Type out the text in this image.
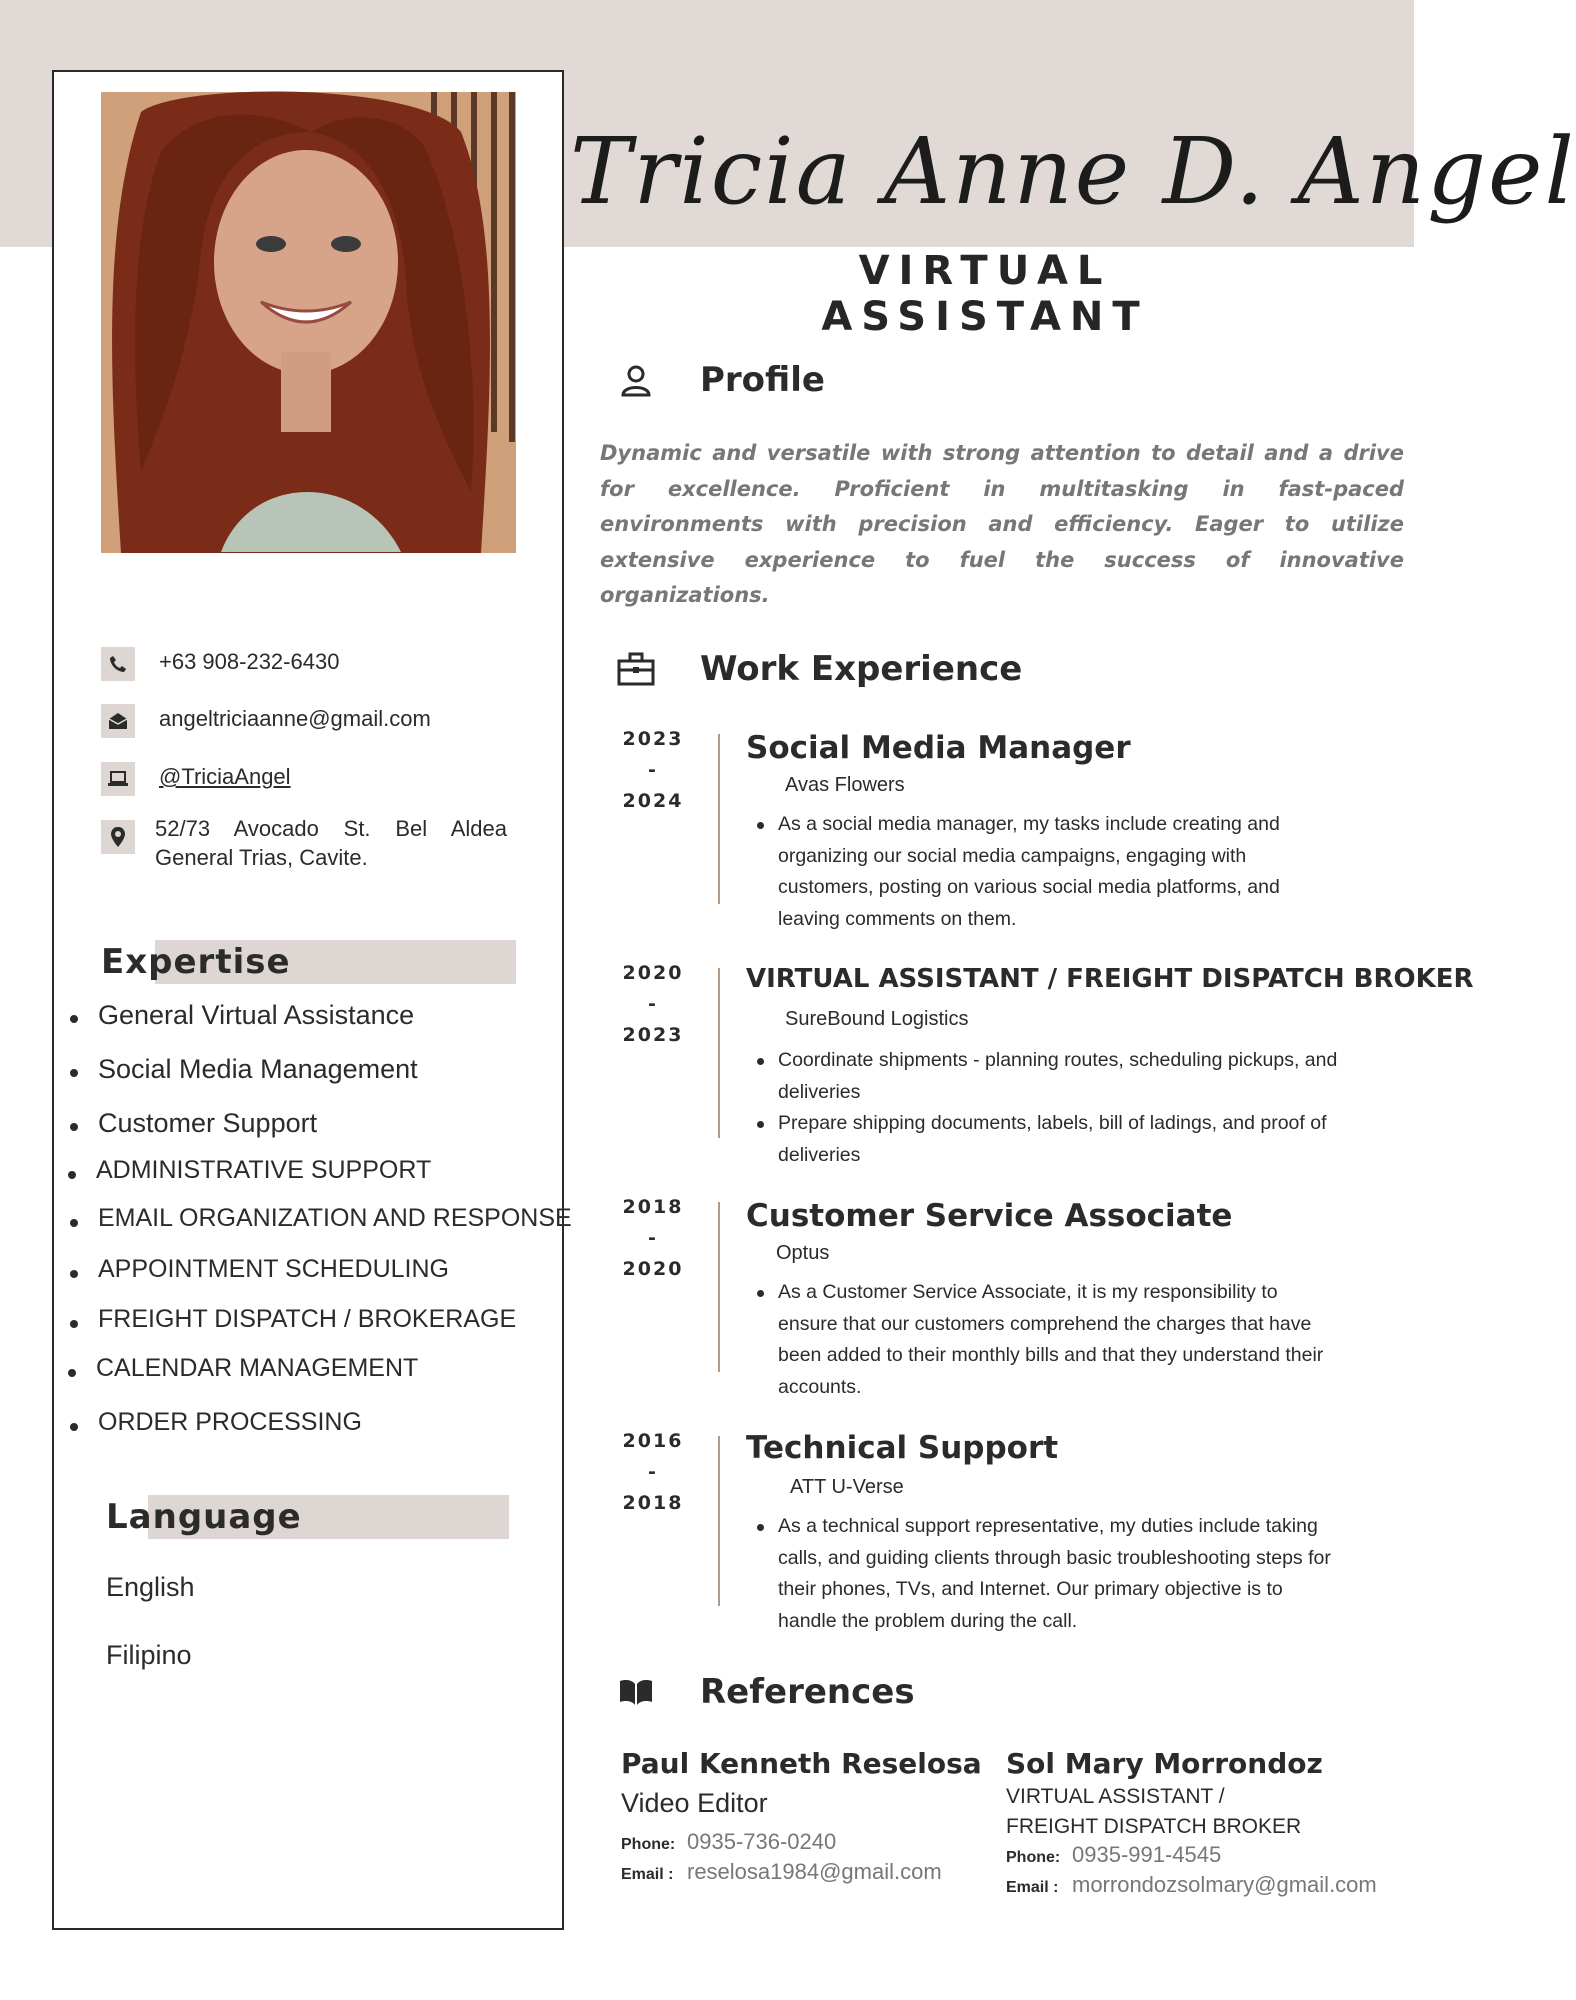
Tricia Anne D. Angel
VIRTUAL ASSISTANT
Profile
Dynamic and versatile with strong attention to detail and a drive for excellence. Proficient in multitasking in fast-paced environments with precision and efficiency. Eager to utilize extensive experience to fuel the success of innovative organizations.
+63 908-232-6430
angeltriciaanne@gmail.com
@TriciaAngel
52/73 Avocado St. Bel Aldea General Trias, Cavite.
Expertise
General Virtual Assistance
Social Media Management
Customer Support
ADMINISTRATIVE SUPPORT
EMAIL ORGANIZATION AND RESPONSE
APPOINTMENT SCHEDULING
FREIGHT DISPATCH / BROKERAGE
CALENDAR MANAGEMENT
ORDER PROCESSING
Language
English
Filipino
Work Experience
2023
-
2024
Social Media Manager
Avas Flowers
As a social media manager, my tasks include creating and organizing our social media campaigns, engaging with customers, posting on various social media platforms, and leaving comments on them.
2020
-
2023
VIRTUAL ASSISTANT / FREIGHT DISPATCH BROKER
SureBound Logistics
Coordinate shipments - planning routes, scheduling pickups, and deliveries
Prepare shipping documents, labels, bill of ladings, and proof of deliveries
2018
-
2020
Customer Service Associate
Optus
As a Customer Service Associate, it is my responsibility to ensure that our customers comprehend the charges that have been added to their monthly bills and that they understand their accounts.
2016
-
2018
Technical Support
ATT U-Verse
As a technical support representative, my duties include taking calls, and guiding clients through basic troubleshooting steps for their phones, TVs, and Internet. Our primary objective is to handle the problem during the call.
References
Paul Kenneth Reselosa
Video Editor
Phone: 0935-736-0240
Email : reselosa1984@gmail.com
Sol Mary Morrondoz
VIRTUAL ASSISTANT / FREIGHT DISPATCH BROKER
Phone: 0935-991-4545
Email : morrondozsolmary@gmail.com
